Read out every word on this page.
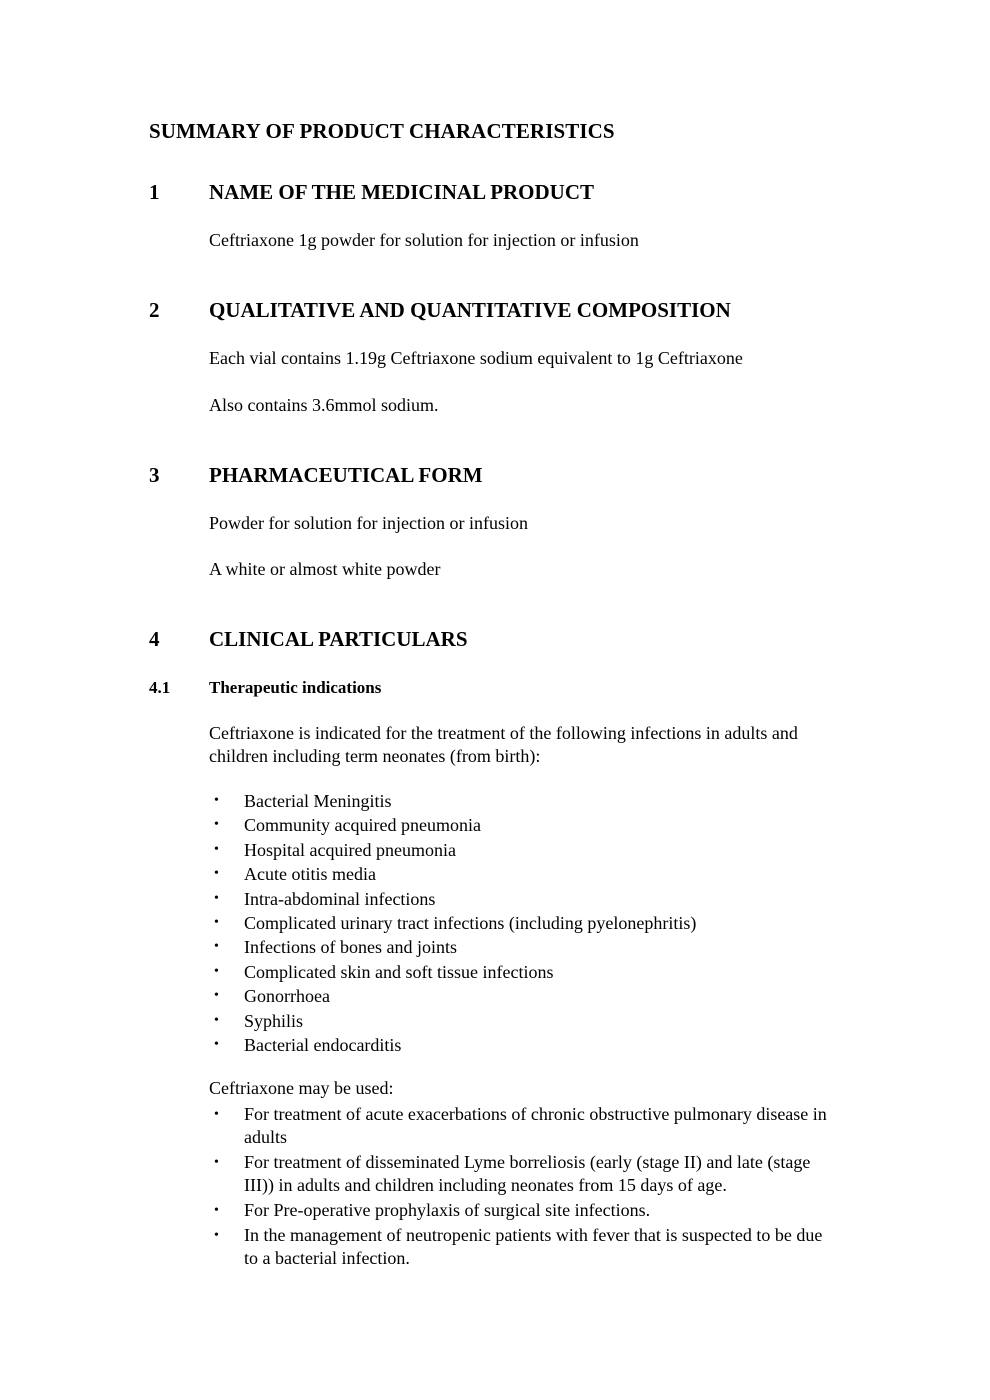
SUMMARY OF PRODUCT CHARACTERISTICS
1 NAME OF THE MEDICINAL PRODUCT
Ceftriaxone 1g powder for solution for injection or infusion
2 QUALITATIVE AND QUANTITATIVE COMPOSITION
Each vial contains 1.19g Ceftriaxone sodium equivalent to 1g Ceftriaxone
Also contains 3.6mmol sodium.
3 PHARMACEUTICAL FORM
Powder for solution for injection or infusion
A white or almost white powder
4 CLINICAL PARTICULARS
4.1 Therapeutic indications
Ceftriaxone is indicated for the treatment of the following infections in adults and children including term neonates (from birth):
• Bacterial Meningitis
• Community acquired pneumonia
• Hospital acquired pneumonia
• Acute otitis media
• Intra-abdominal infections
• Complicated urinary tract infections (including pyelonephritis)
• Infections of bones and joints
• Complicated skin and soft tissue infections
• Gonorrhoea
• Syphilis
• Bacterial endocarditis
Ceftriaxone may be used:
• For treatment of acute exacerbations of chronic obstructive pulmonary disease in adults
• For treatment of disseminated Lyme borreliosis (early (stage II) and late (stage III)) in adults and children including neonates from 15 days of age.
• For Pre-operative prophylaxis of surgical site infections.
• In the management of neutropenic patients with fever that is suspected to be due to a bacterial infection.
